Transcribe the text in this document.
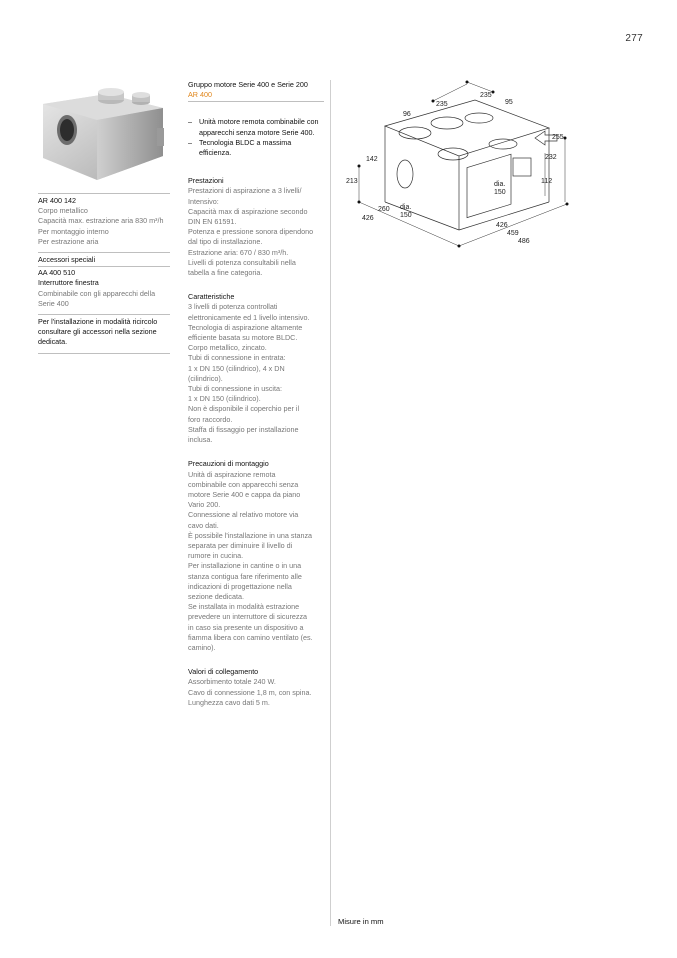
277
AR 400 142
Corpo metallico
Capacità max. estrazione aria 830 m³/h
Per montaggio interno
Per estrazione aria
Accessori speciali
AA 400 510
Interruttore finestra
Combinabile con gli apparecchi della Serie 400
Per l'installazione in modalità ricircolo consultare gli accessori nella sezione dedicata.
Gruppo motore Serie 400 e Serie 200
AR 400
– Unità motore remota combinabile con apparecchi senza motore Serie 400.
– Tecnologia BLDC a massima efficienza.
Prestazioni
Prestazioni di aspirazione a 3 livelli/
Intensivo:
Capacità max di aspirazione secondo
DIN EN 61591.
Potenza e pressione sonora dipendono
dal tipo di installazione.
Estrazione aria: 670 / 830 m³/h.
Livelli di potenza consultabili nella
tabella a fine categoria.
Caratteristiche
3 livelli di potenza controllati
elettronicamente ed 1 livello intensivo.
Tecnologia di aspirazione altamente
efficiente basata su motore BLDC.
Corpo metallico, zincato.
Tubi di connessione in entrata:
1 x DN 150 (cilindrico), 4 x DN
(cilindrico).
Tubi di connessione in uscita:
1 x DN 150 (cilindrico).
Non è disponibile il coperchio per il
foro raccordo.
Staffa di fissaggio per installazione
inclusa.
Precauzioni di montaggio
Unità di aspirazione remota
combinabile con apparecchi senza
motore Serie 400 e cappa da piano
Vario 200.
Connessione al relativo motore via
cavo dati.
È possibile l'installazione in una stanza
separata per diminuire il livello di
rumore in cucina.
Per installazione in cantine o in una
stanza contigua fare riferimento alle
indicazioni di progettazione nella
sezione dedicata.
Se installata in modalità estrazione
prevedere un interruttore di sicurezza
in caso sia presente un dispositivo a
fiamma libera con camino ventilato (es.
camino).
Valori di collegamento
Assorbimento totale 240 W.
Cavo di connessione 1,8 m, con spina.
Lunghezza cavo dati 5 m.
235
235
95
96
255
142	232
213	112
dia.
150
260 dia.
150
426
426
459
486
Misure in mm
